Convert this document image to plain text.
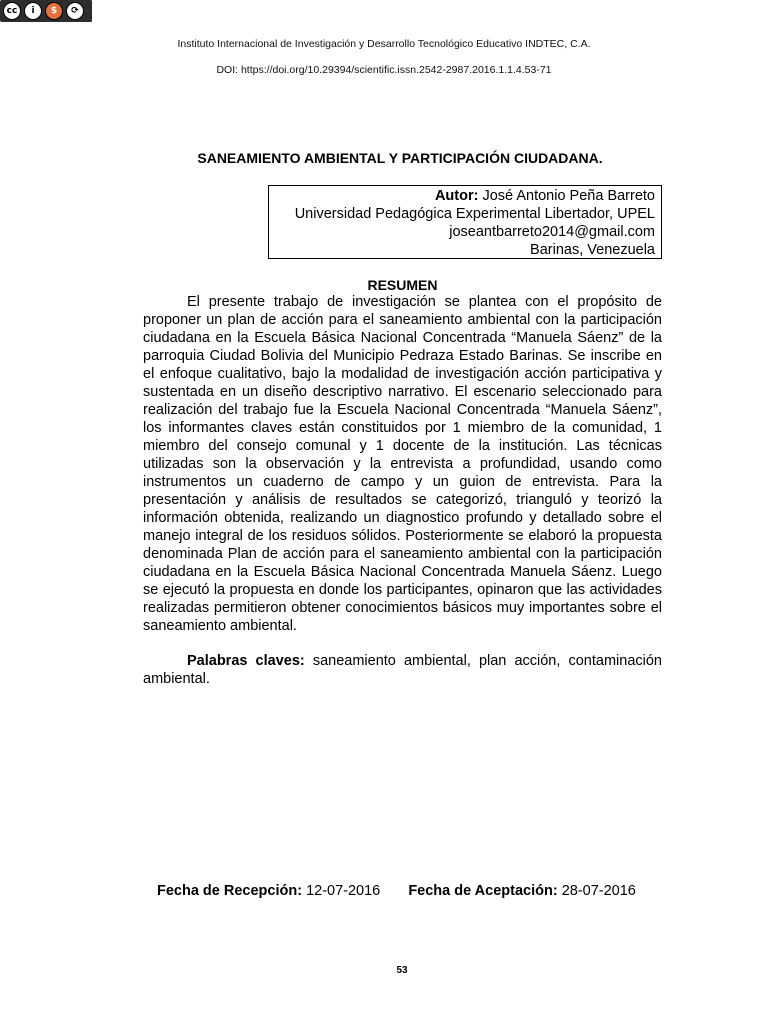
cc	i	$	⟳
Instituto Internacional de Investigación y Desarrollo Tecnológico Educativo INDTEC, C.A.
DOI: https://doi.org/10.29394/scientific.issn.2542-2987.2016.1.1.4.53-71
SANEAMIENTO AMBIENTAL Y PARTICIPACIÓN CIUDADANA.
Autor: José Antonio Peña Barreto
Universidad Pedagógica Experimental Libertador, UPEL
joseantbarreto2014@gmail.com
Barinas, Venezuela
RESUMEN

El presente trabajo de investigación se plantea con el propósito de proponer un plan de acción para el saneamiento ambiental con la participación ciudadana en la Escuela Básica Nacional Concentrada “Manuela Sáenz” de la parroquia Ciudad Bolivia del Municipio Pedraza Estado Barinas. Se inscribe en el enfoque cualitativo, bajo la modalidad de investigación acción participativa y sustentada en un diseño descriptivo narrativo. El escenario seleccionado para realización del trabajo fue la Escuela Nacional Concentrada “Manuela Sáenz”, los informantes claves están constituidos por 1 miembro de la comunidad, 1 miembro del consejo comunal y 1 docente de la institución. Las técnicas utilizadas son la observación y la entrevista a profundidad, usando como instrumentos un cuaderno de campo y un guion de entrevista. Para la presentación y análisis de resultados se categorizó, trianguló y teorizó la información obtenida, realizando un diagnostico profundo y detallado sobre el manejo integral de los residuos sólidos. Posteriormente se elaboró la propuesta denominada Plan de acción para el saneamiento ambiental con la participación ciudadana en la Escuela Básica Nacional Concentrada Manuela Sáenz. Luego se ejecutó la propuesta en donde los participantes, opinaron que las actividades realizadas permitieron obtener conocimientos básicos muy importantes sobre el saneamiento ambiental.

Palabras claves: saneamiento ambiental, plan acción, contaminación ambiental.

Fecha de Recepción: 12-07-2016 Fecha de Aceptación: 28-07-2016
53
